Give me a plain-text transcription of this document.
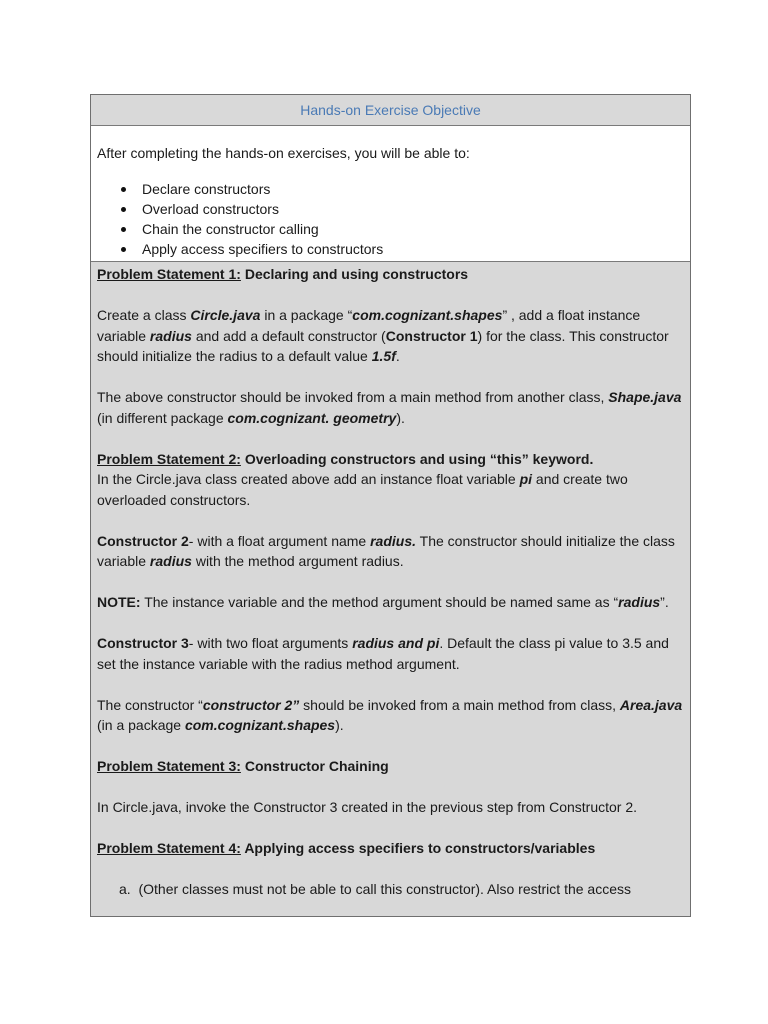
Hands-on Exercise Objective
After completing the hands-on exercises, you will be able to:
Declare constructors
Overload constructors
Chain the constructor calling
Apply access specifiers to constructors

Problem Statement 1: Declaring and using constructors

Create a class Circle.java in a package “com.cognizant.shapes” , add a float instance variable radius and add a default constructor (Constructor 1) for the class. This constructor should initialize the radius to a default value 1.5f.

The above constructor should be invoked from a main method from another class, Shape.java (in different package com.cognizant. geometry).

Problem Statement 2: Overloading constructors and using “this” keyword.

In the Circle.java class created above add an instance float variable pi and create two overloaded constructors.

Constructor 2- with a float argument name radius. The constructor should initialize the class variable radius with the method argument radius.

NOTE: The instance variable and the method argument should be named same as “radius”.

Constructor 3- with two float arguments radius and pi. Default the class pi value to 3.5 and set the instance variable with the radius method argument.

The constructor “constructor 2” should be invoked from a main method from class, Area.java (in a package com.cognizant.shapes).

Problem Statement 3: Constructor Chaining

In Circle.java, invoke the Constructor 3 created in the previous step from Constructor 2.

Problem Statement 4: Applying access specifiers to constructors/variables

a. (Other classes must not be able to call this constructor). Also restrict the access
